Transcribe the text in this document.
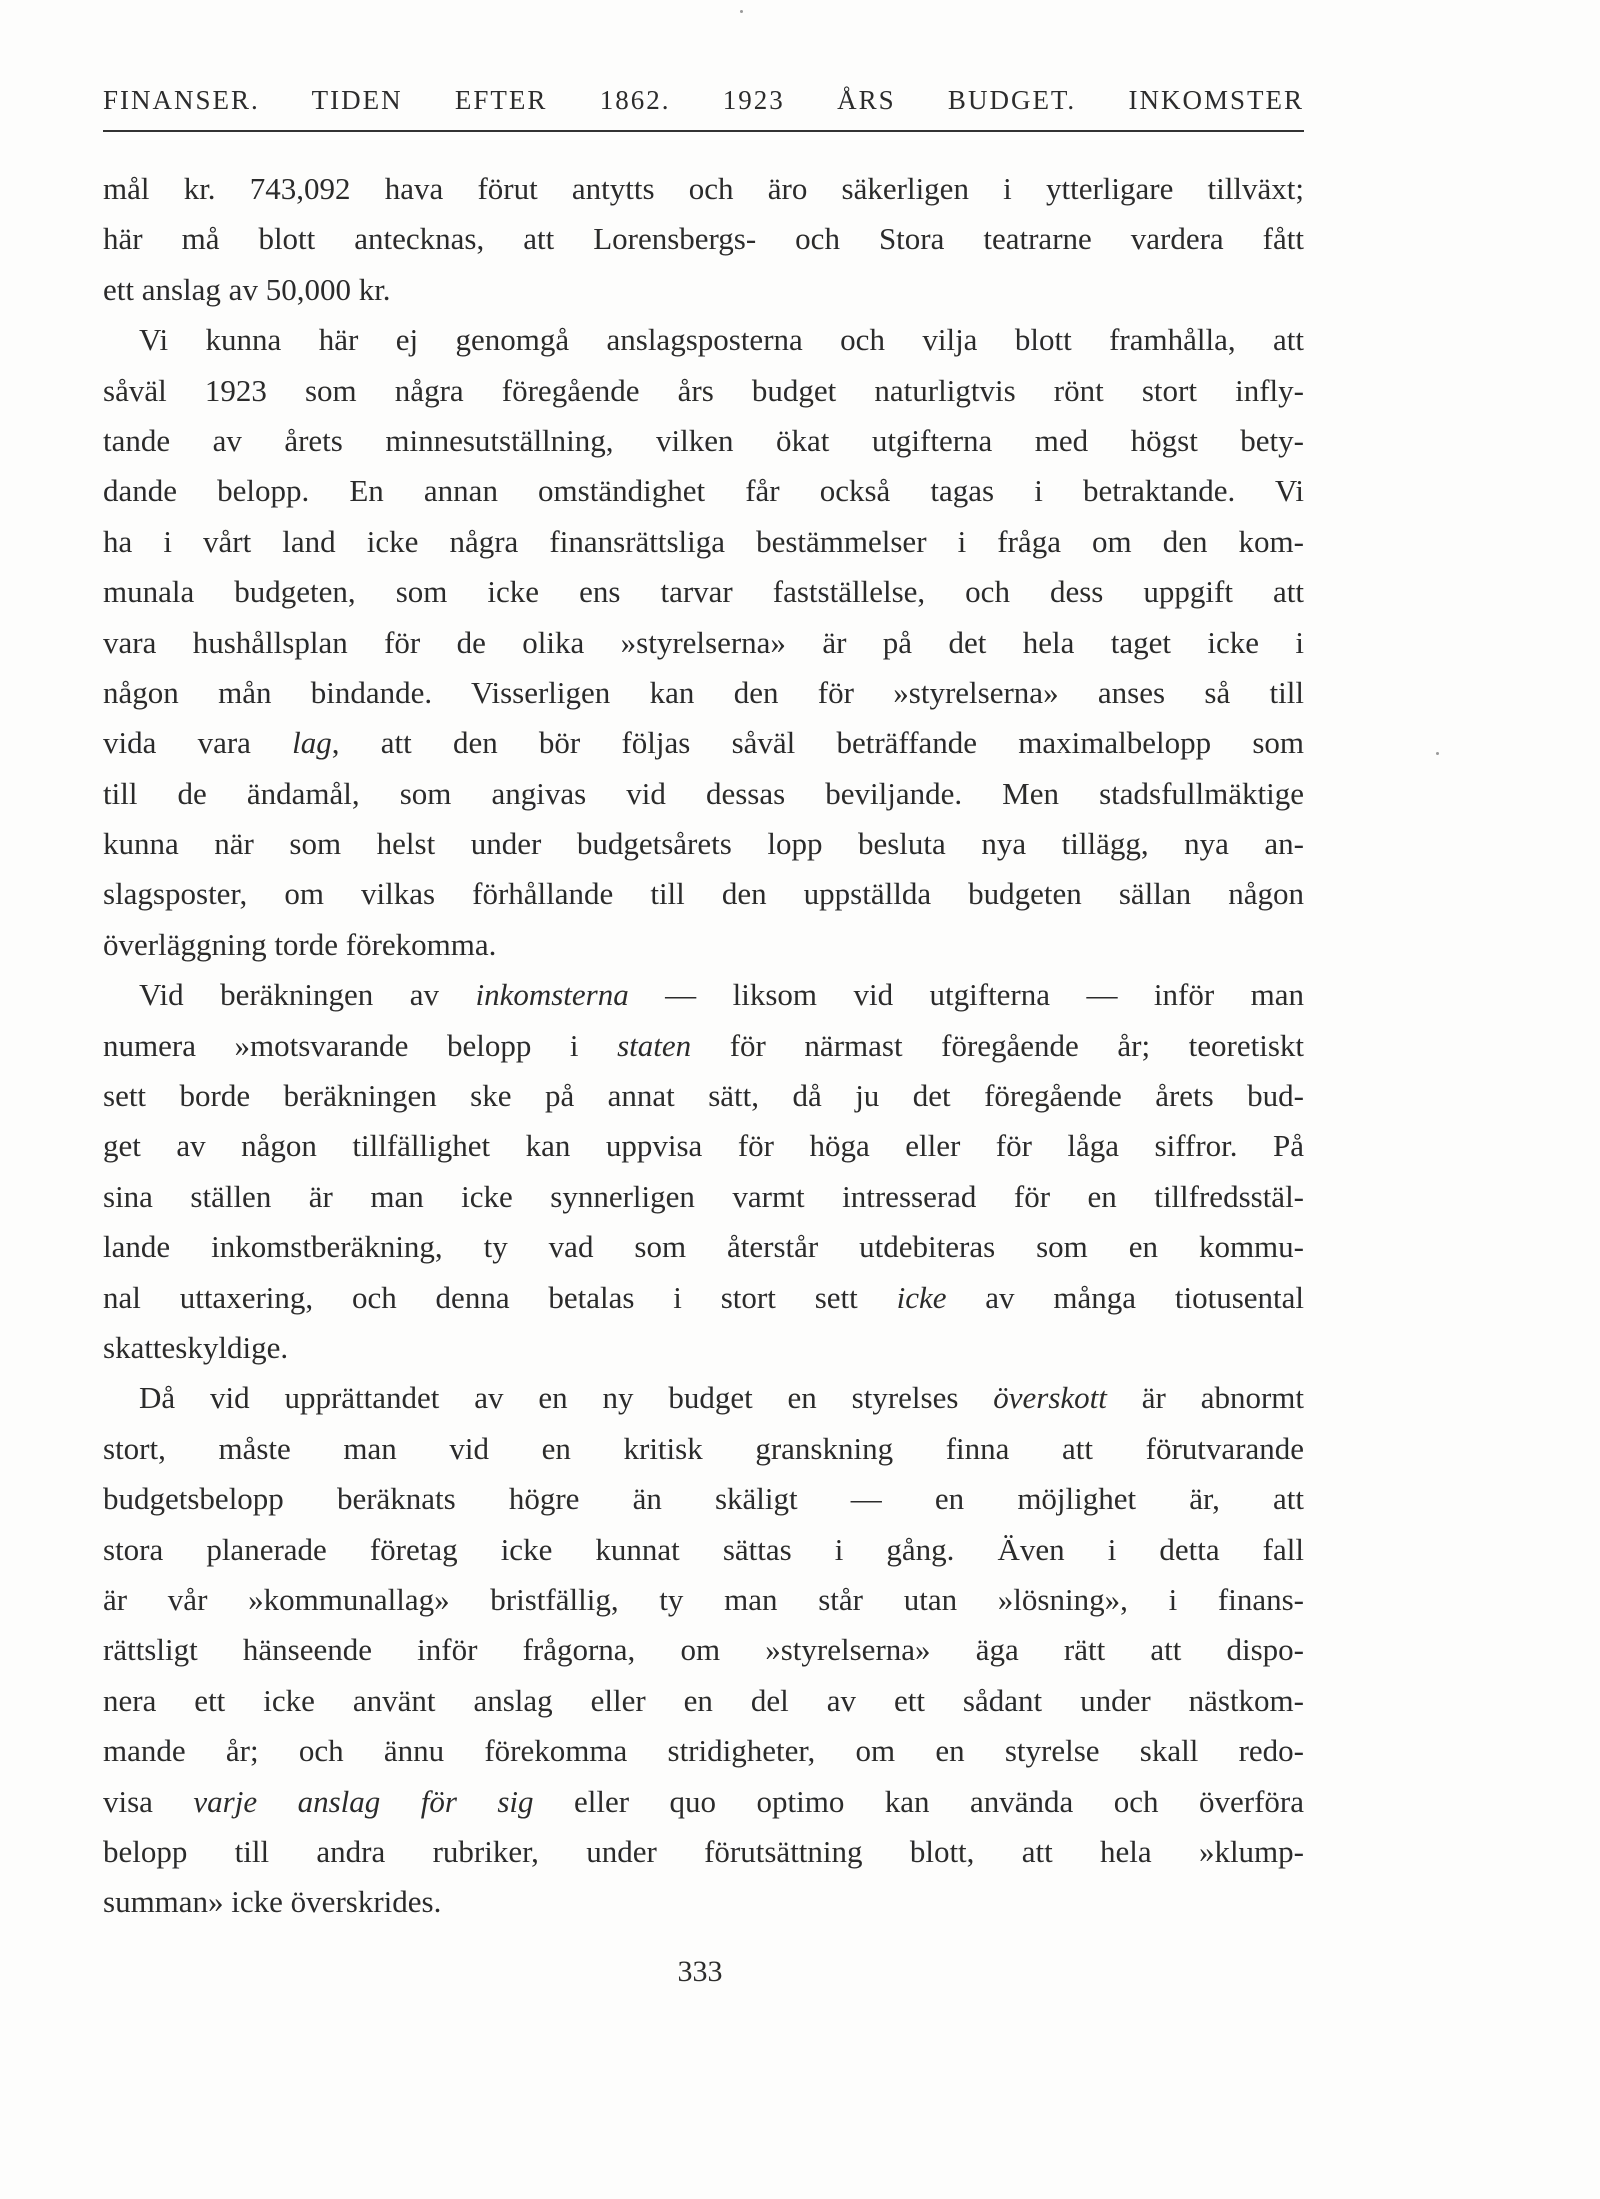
FINANSER. TIDEN EFTER 1862. 1923 ÅRS BUDGET. INKOMSTER
mål kr. 743,092 hava förut antytts och äro säkerligen i ytterligare tillväxt;
här må blott antecknas, att Lorensbergs- och Stora teatrarne vardera fått
ett anslag av 50,000 kr.
Vi kunna här ej genomgå anslagsposterna och vilja blott framhålla, att
såväl 1923 som några föregående års budget naturligtvis rönt stort infly-
tande av årets minnesutställning, vilken ökat utgifterna med högst bety-
dande belopp. En annan omständighet får också tagas i betraktande. Vi
ha i vårt land icke några finansrättsliga bestämmelser i fråga om den kom-
munala budgeten, som icke ens tarvar fastställelse, och dess uppgift att
vara hushållsplan för de olika »styrelserna» är på det hela taget icke i
någon mån bindande. Visserligen kan den för »styrelserna» anses så till
vida vara lag, att den bör följas såväl beträffande maximalbelopp som
till de ändamål, som angivas vid dessas beviljande. Men stadsfullmäktige
kunna när som helst under budgetsårets lopp besluta nya tillägg, nya an-
slagsposter, om vilkas förhållande till den uppställda budgeten sällan någon
överläggning torde förekomma.
Vid beräkningen av inkomsterna — liksom vid utgifterna — inför man
numera »motsvarande belopp i staten för närmast föregående år; teoretiskt
sett borde beräkningen ske på annat sätt, då ju det föregående årets bud-
get av någon tillfällighet kan uppvisa för höga eller för låga siffror. På
sina ställen är man icke synnerligen varmt intresserad för en tillfredsstäl-
lande inkomstberäkning, ty vad som återstår utdebiteras som en kommu-
nal uttaxering, och denna betalas i stort sett icke av många tiotusental
skatteskyldige.
Då vid upprättandet av en ny budget en styrelses överskott är abnormt
stort, måste man vid en kritisk granskning finna att förutvarande
budgetsbelopp beräknats högre än skäligt — en möjlighet är, att
stora planerade företag icke kunnat sättas i gång. Även i detta fall
är vår »kommunallag» bristfällig, ty man står utan »lösning», i finans-
rättsligt hänseende inför frågorna, om »styrelserna» äga rätt att dispo-
nera ett icke använt anslag eller en del av ett sådant under nästkom-
mande år; och ännu förekomma stridigheter, om en styrelse skall redo-
visa varje anslag för sig eller quo optimo kan använda och överföra
belopp till andra rubriker, under förutsättning blott, att hela »klump-
summan» icke överskrides.
333
